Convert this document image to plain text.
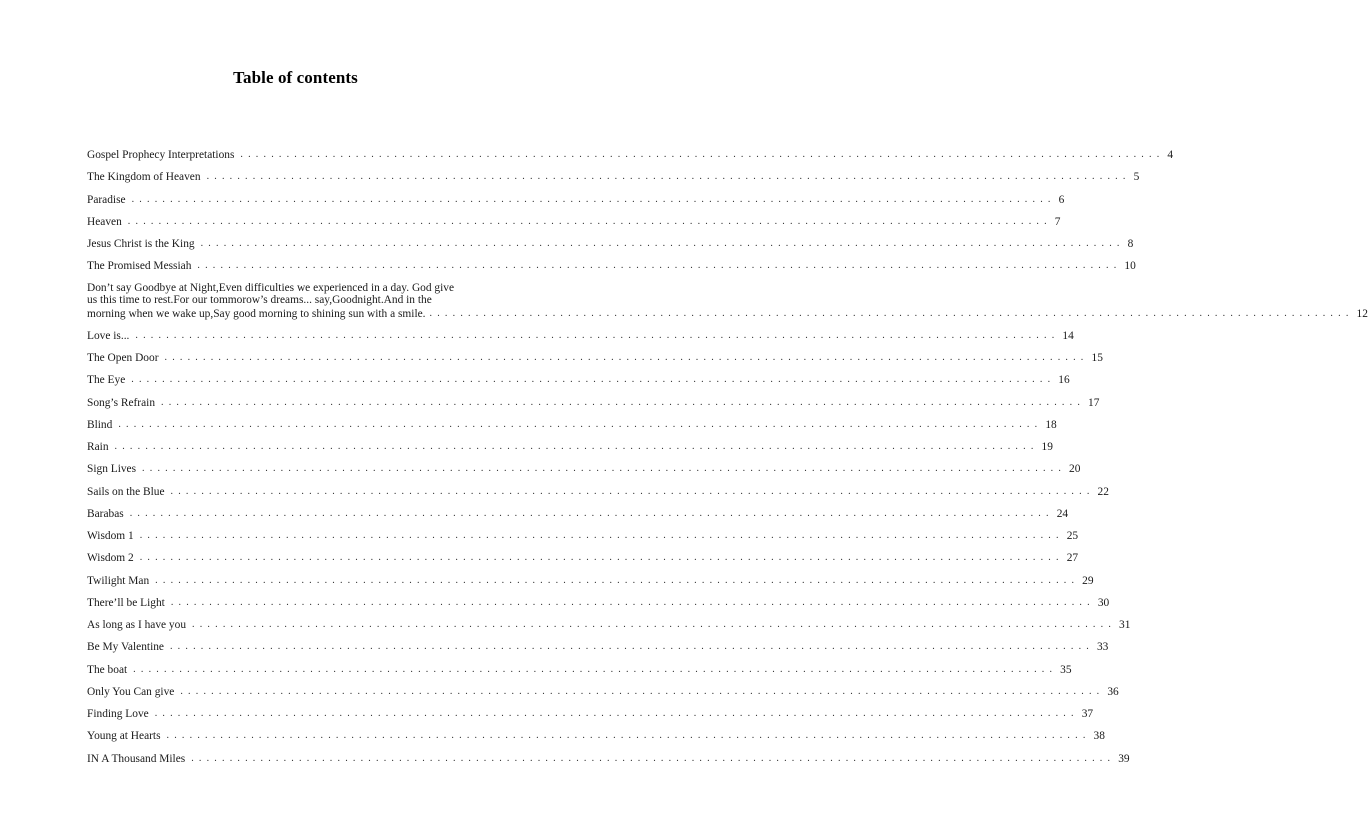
Table of contents
Gospel Prophecy Interpretations ........................................................................................................................ 4
The Kingdom of Heaven ........................................................................................................................ 5
Paradise ........................................................................................................................ 6
Heaven ........................................................................................................................ 7
Jesus Christ is the King ........................................................................................................................ 8
The Promised Messiah ........................................................................................................................ 10
Don’t say Goodbye at Night,Even difficulties we experienced in a day. God give
us this time to rest.For our tommorow’s dreams... say,Goodnight.And in the
morning when we wake up,Say good morning to shining sun with a smile. ........................................................................................................................ 12
Love is... ........................................................................................................................ 14
The Open Door ........................................................................................................................ 15
The Eye ........................................................................................................................ 16
Song’s Refrain ........................................................................................................................ 17
Blind ........................................................................................................................ 18
Rain ........................................................................................................................ 19
Sign Lives ........................................................................................................................ 20
Sails on the Blue ........................................................................................................................ 22
Barabas ........................................................................................................................ 24
Wisdom 1 ........................................................................................................................ 25
Wisdom 2 ........................................................................................................................ 27
Twilight Man ........................................................................................................................ 29
There’ll be Light ........................................................................................................................ 30
As long as I have you ........................................................................................................................ 31
Be My Valentine ........................................................................................................................ 33
The boat ........................................................................................................................ 35
Only You Can give ........................................................................................................................ 36
Finding Love ........................................................................................................................ 37
Young at Hearts ........................................................................................................................ 38
IN A Thousand Miles ........................................................................................................................ 39
